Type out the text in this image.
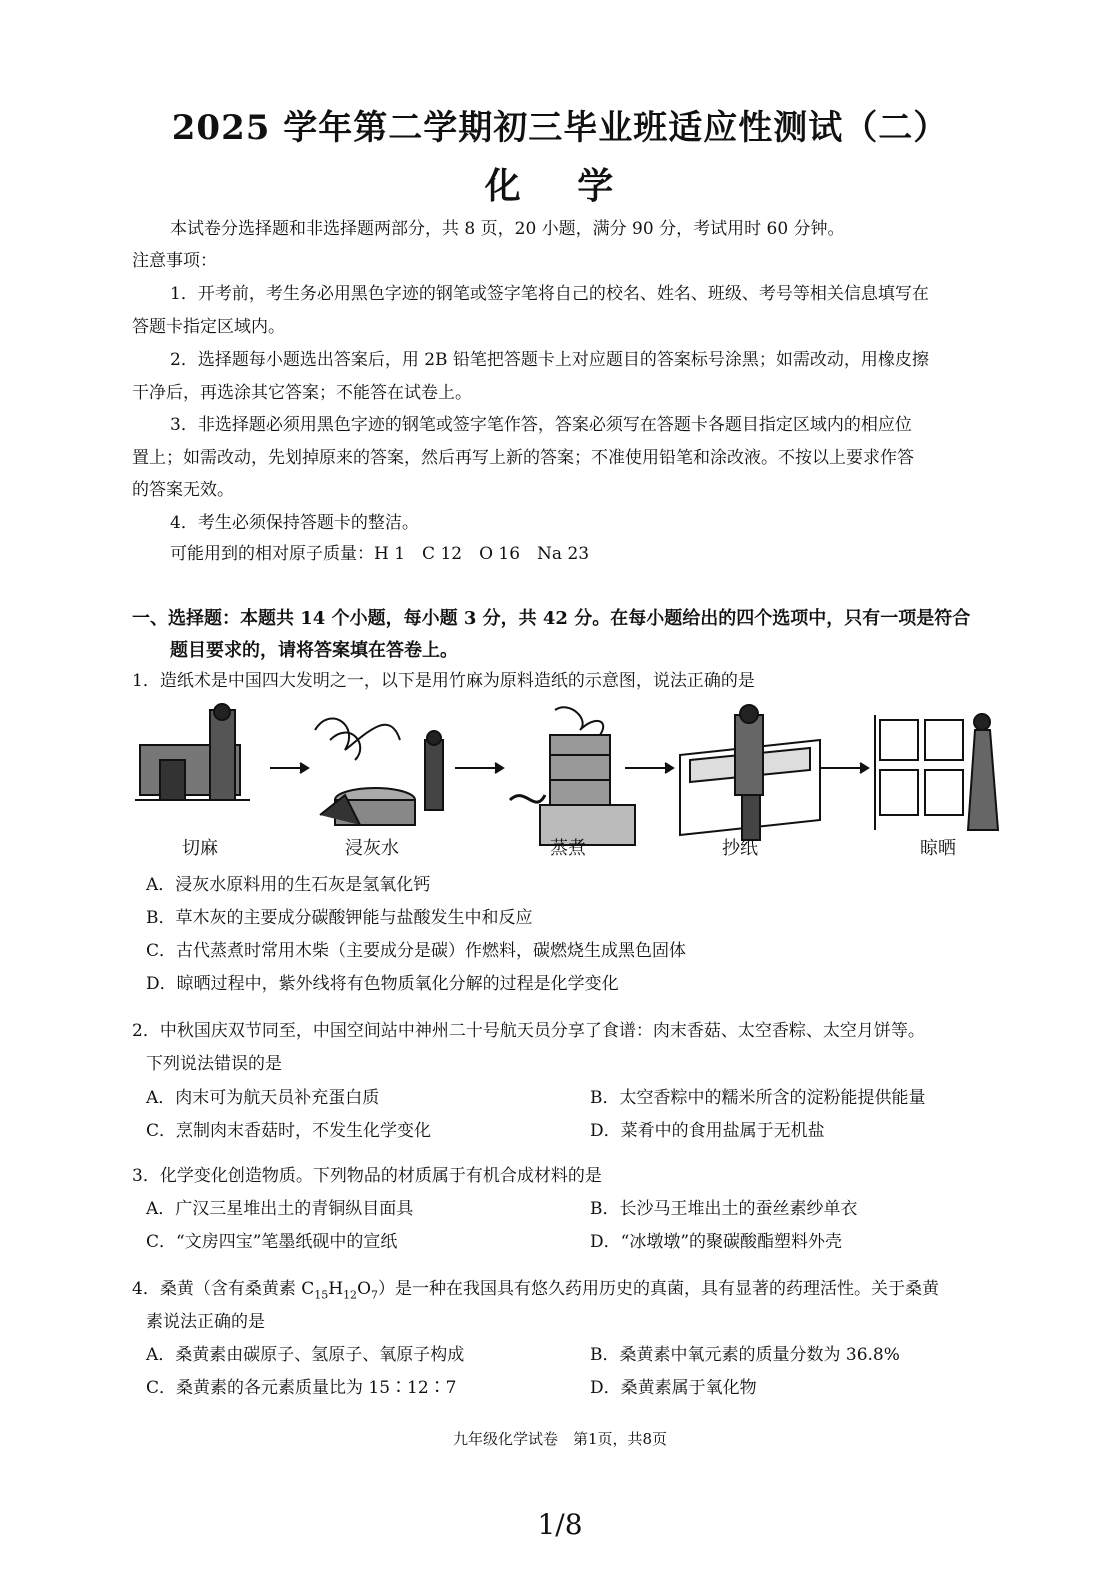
2025 学年第二学期初三毕业班适应性测试（二）
化 学
本试卷分选择题和非选择题两部分，共 8 页，20 小题，满分 90 分，考试用时 60 分钟。
注意事项：
1．开考前，考生务必用黑色字迹的钢笔或签字笔将自己的校名、姓名、班级、考号等相关信息填写在
答题卡指定区域内。
2．选择题每小题选出答案后，用 2B 铅笔把答题卡上对应题目的答案标号涂黑；如需改动，用橡皮擦
干净后，再选涂其它答案；不能答在试卷上。
3．非选择题必须用黑色字迹的钢笔或签字笔作答，答案必须写在答题卡各题目指定区域内的相应位
置上；如需改动，先划掉原来的答案，然后再写上新的答案；不准使用铅笔和涂改液。不按以上要求作答
的答案无效。
4．考生必须保持答题卡的整洁。
可能用到的相对原子质量：H 1　C 12　O 16　Na 23
一、选择题：本题共 14 个小题，每小题 3 分，共 42 分。在每小题给出的四个选项中，只有一项是符合
题目要求的，请将答案填在答卷上。
1．造纸术是中国四大发明之一，以下是用竹麻为原料造纸的示意图，说法正确的是
切麻	浸灰水	蒸煮	抄纸	晾晒
A．浸灰水原料用的生石灰是氢氧化钙
B．草木灰的主要成分碳酸钾能与盐酸发生中和反应
C．古代蒸煮时常用木柴（主要成分是碳）作燃料，碳燃烧生成黑色固体
D．晾晒过程中，紫外线将有色物质氧化分解的过程是化学变化
2．中秋国庆双节同至，中国空间站中神州二十号航天员分享了食谱：肉末香菇、太空香粽、太空月饼等。
下列说法错误的是
A．肉末可为航天员补充蛋白质	B．太空香粽中的糯米所含的淀粉能提供能量
C．烹制肉末香菇时，不发生化学变化	D．菜肴中的食用盐属于无机盐
3．化学变化创造物质。下列物品的材质属于有机合成材料的是
A．广汉三星堆出土的青铜纵目面具	B．长沙马王堆出土的蚕丝素纱单衣
C．“文房四宝”笔墨纸砚中的宣纸	D．“冰墩墩”的聚碳酸酯塑料外壳
4．桑黄（含有桑黄素 $C_{15}H_{12}O_7$）是一种在我国具有悠久药用历史的真菌，具有显著的药理活性。关于桑黄
素说法正确的是
A．桑黄素由碳原子、氢原子、氧原子构成	B．桑黄素中氧元素的质量分数为 36.8%
C．桑黄素的各元素质量比为 15∶12∶7	D．桑黄素属于氧化物
九年级化学试卷　第1页，共8页
1/8
